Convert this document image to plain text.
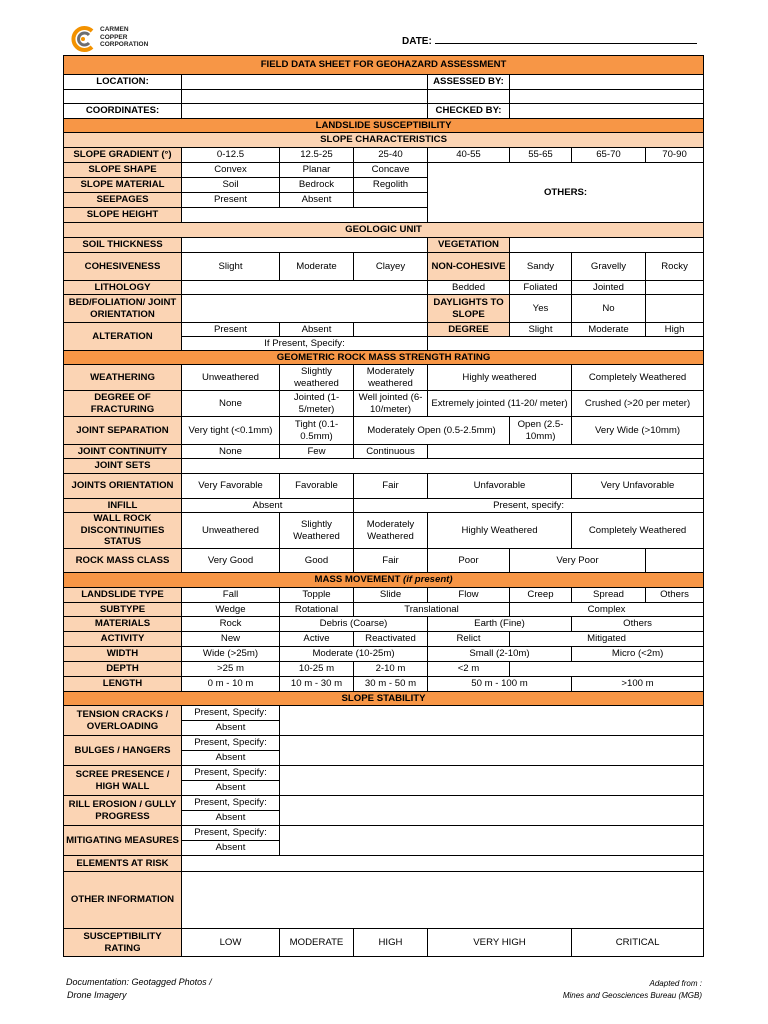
CARMEN
COPPER
CORPORATION	DATE:
FIELD DATA SHEET FOR GEOHAZARD ASSESSMENT							
LOCATION:				ASSESSED BY:			

COORDINATES:				CHECKED BY:			
LANDSLIDE SUSCEPTIBILITY							
SLOPE CHARACTERISTICS							
SLOPE GRADIENT (°)	0-12.5	12.5-25	25-40	40-55	55-65	65-70	70-90
SLOPE SHAPE	Convex	Planar	Concave	OTHERS:			
SLOPE MATERIAL	Soil	Bedrock	Regolith				
SEEPAGES	Present	Absent					
SLOPE HEIGHT							
GEOLOGIC UNIT							
SOIL THICKNESS				VEGETATION			
COHESIVENESS	Slight	Moderate	Clayey	NON-COHESIVE	Sandy	Gravelly	Rocky
LITHOLOGY				Bedded	Foliated	Jointed	
BED/FOLIATION/ JOINT ORIENTATION				DAYLIGHTS TO SLOPE	Yes	No	
ALTERATION	Present	Absent		DEGREE	Slight	Moderate	High
	If Present, Specify:						
GEOMETRIC ROCK MASS STRENGTH RATING							
WEATHERING	Unweathered	Slightly weathered	Moderately weathered	Highly weathered		Completely Weathered	
DEGREE OF FRACTURING	None	Jointed (1-5/meter)	Well jointed (6-10/meter)	Extremely jointed (11-20/ meter)		Crushed (>20 per meter)	
JOINT SEPARATION	Very tight (<0.1mm)	Tight (0.1-0.5mm)	Moderately Open (0.5-2.5mm)		Open (2.5-10mm)	Very Wide (>10mm)	
JOINT CONTINUITY	None	Few	Continuous				
JOINT SETS							
JOINTS ORIENTATION	Very Favorable	Favorable	Fair	Unfavorable		Very Unfavorable	
INFILL	Absent		Present, specify:				
WALL ROCK DISCONTINUITIES STATUS	Unweathered	Slightly Weathered	Moderately Weathered	Highly Weathered		Completely Weathered	
ROCK MASS CLASS	Very Good	Good	Fair	Poor	Very Poor		
MASS MOVEMENT (if present)							
LANDSLIDE TYPE	Fall	Topple	Slide	Flow	Creep	Spread	Others
SUBTYPE	Wedge	Rotational	Translational		Complex		
MATERIALS	Rock	Debris (Coarse)		Earth (Fine)		Others	
ACTIVITY	New	Active	Reactivated	Relict	Mitigated		
WIDTH	Wide (>25m)	Moderate (10-25m)		Small (2-10m)		Micro (<2m)	
DEPTH	>25 m	10-25 m	2-10 m	<2 m			
LENGTH	0 m - 10 m	10 m - 30 m	30 m - 50 m	50 m - 100 m		>100 m	
SLOPE STABILITY							
TENSION CRACKS / OVERLOADING	Present, Specify:						
	Absent						
BULGES / HANGERS	Present, Specify:						
	Absent						
SCREE PRESENCE / HIGH WALL	Present, Specify:						
	Absent						
RILL EROSION / GULLY PROGRESS	Present, Specify:						
	Absent						
MITIGATING MEASURES	Present, Specify:						
	Absent						
ELEMENTS AT RISK							
OTHER INFORMATION							
SUSCEPTIBILITY RATING	LOW	MODERATE	HIGH	VERY HIGH		CRITICAL	
Documentation: Geotagged Photos /
Drone Imagery
Adapted from :
Mines and Geosciences Bureau (MGB)
